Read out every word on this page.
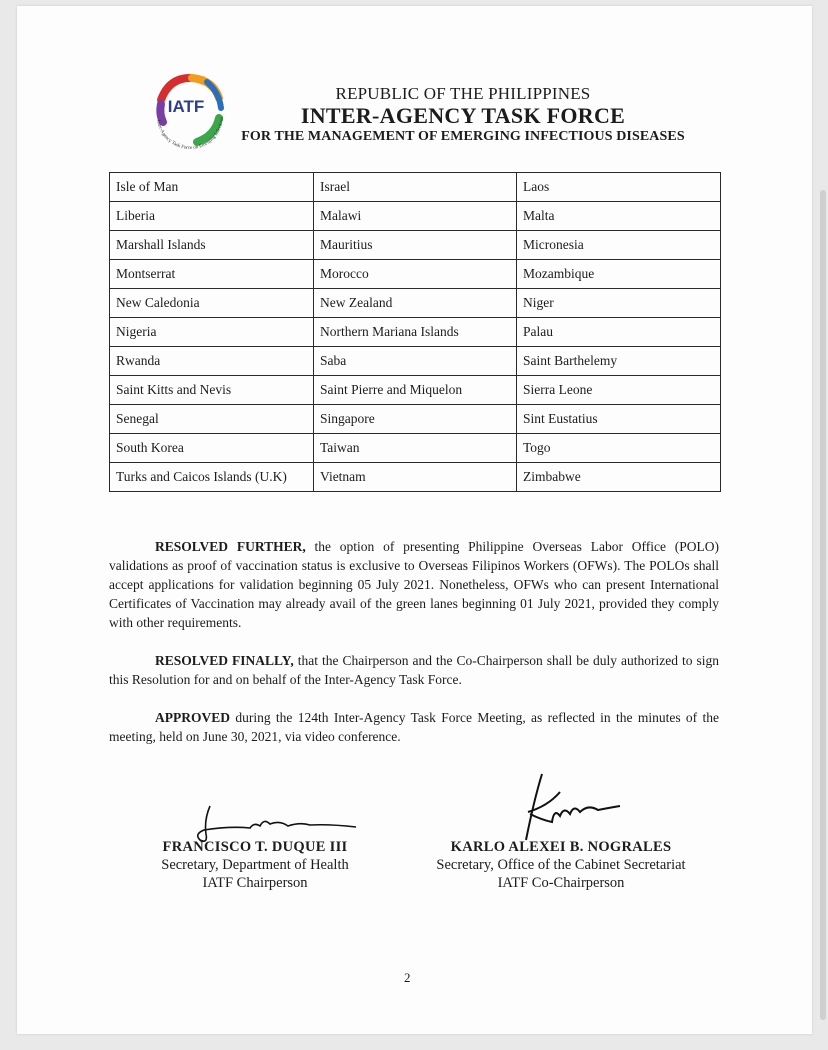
IATF
Inter-Agency Task Force on Emerging Infectious
REPUBLIC OF THE PHILIPPINES
INTER-AGENCY TASK FORCE
FOR THE MANAGEMENT OF EMERGING INFECTIOUS DISEASES
Isle of Man	Israel	Laos
Liberia	Malawi	Malta
Marshall Islands	Mauritius	Micronesia
Montserrat	Morocco	Mozambique
New Caledonia	New Zealand	Niger
Nigeria	Northern Mariana Islands	Palau
Rwanda	Saba	Saint Barthelemy
Saint Kitts and Nevis	Saint Pierre and Miquelon	Sierra Leone
Senegal	Singapore	Sint Eustatius
South Korea	Taiwan	Togo
Turks and Caicos Islands (U.K)	Vietnam	Zimbabwe
RESOLVED FURTHER, the option of presenting Philippine Overseas Labor Office (POLO) validations as proof of vaccination status is exclusive to Overseas Filipinos Workers (OFWs). The POLOs shall accept applications for validation beginning 05 July 2021. Nonetheless, OFWs who can present International Certificates of Vaccination may already avail of the green lanes beginning 01 July 2021, provided they comply with other requirements.
RESOLVED FINALLY, that the Chairperson and the Co-Chairperson shall be duly authorized to sign this Resolution for and on behalf of the Inter-Agency Task Force.
APPROVED during the 124th Inter-Agency Task Force Meeting, as reflected in the minutes of the meeting, held on June 30, 2021, via video conference.
FRANCISCO T. DUQUE III
Secretary, Department of Health
IATF Chairperson
KARLO ALEXEI B. NOGRALES
Secretary, Office of the Cabinet Secretariat
IATF Co-Chairperson
2
